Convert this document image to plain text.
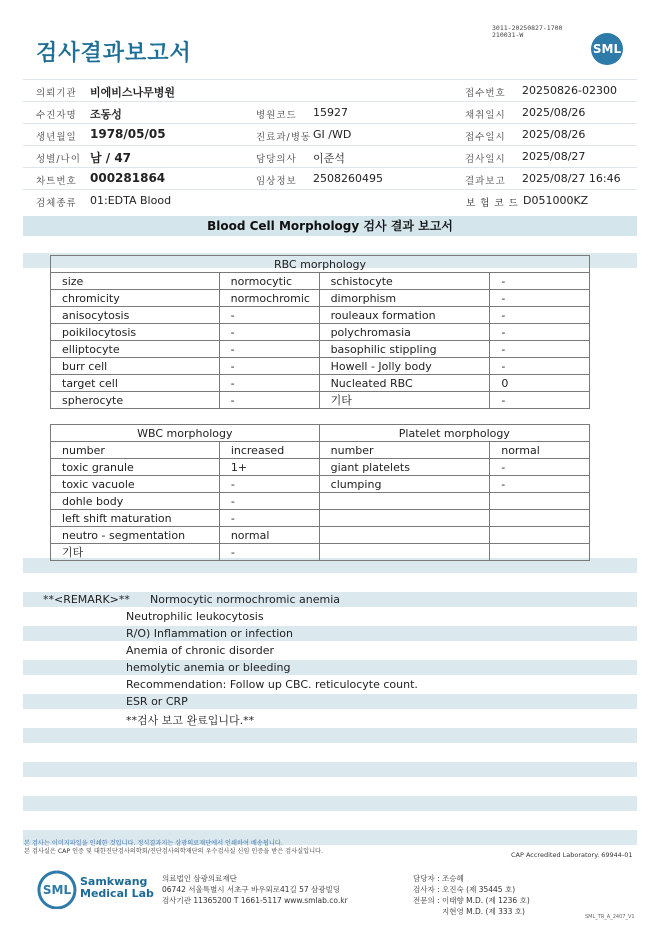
검사결과보고서
3011-20250827-1700
210031-W
SML
의뢰기관 비에비스나무병원	접수번호 20250826-02300
수진자명 조동성	병원코드 15927	채취일시 2025/08/26
생년월일 1978/05/05	진료과/병동 GI /WD	접수일시 2025/08/26
성별/나이 남 / 47	담당의사 이준석	검사일시 2025/08/27
차트번호 000281864	임상정보 2508260495	결과보고 2025/08/27 16:46
검체종류 01:EDTA Blood	보 험 코 드 D051000KZ
Blood Cell Morphology 검사 결과 보고서
RBC morphology			
size	normocytic	schistocyte	-
chromicity	normochromic	dimorphism	-
anisocytosis	-	rouleaux formation	-
poikilocytosis	-	polychromasia	-
elliptocyte	-	basophilic stippling	-
burr cell	-	Howell - Jolly body	-
target cell	-	Nucleated RBC	0
spherocyte	-	기타	-
WBC morphology		Platelet morphology	
number	increased	number	normal
toxic granule	1+	giant platelets	-
toxic vacuole	-	clumping	-
dohle body	-		
left shift maturation	-		
neutro - segmentation	normal		
기타	-		
**<REMARK>** Normocytic normochromic anemia
Neutrophilic leukocytosis
R/O) Inflammation or infection
Anemia of chronic disorder
hemolytic anemia or bleeding
Recommendation: Follow up CBC. reticulocyte count.
ESR or CRP
**검사 보고 완료입니다.**
본 검사는 이미지파일을 인쇄한 것입니다. 정식결과지는 삼광의료재단에서 인쇄하여 배송됩니다.
본 검사실은 CAP 인증 및 대한진단검사의학회/진단검사의학재단의 우수검사실 신임 인증을 받은 검사실입니다.	CAP Accredited Laboratory. 69944-01
SML
Samkwang
Medical Lab
의료법인 삼광의료재단
06742 서울특별시 서초구 바우뫼로41길 57 삼광빌딩
검사기관 11365200 T 1661-5117 www.smlab.co.kr
담당자 : 조승혜
검사자 : 오진숙 (제 35445 호)
전문의 : 이태향 M.D. (제 1236 호)
지현영 M.D. (제 333 호)
SML_TR_A_2407_V1
